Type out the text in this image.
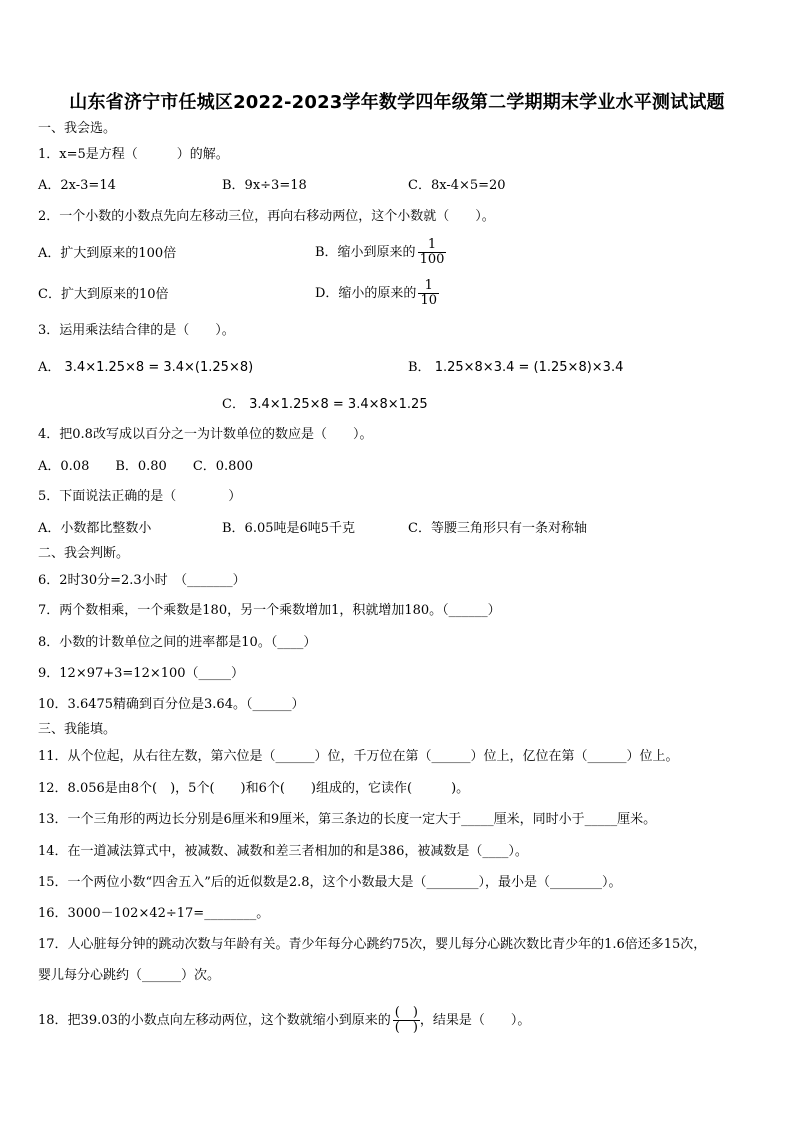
山东省济宁市任城区2022-2023学年数学四年级第二学期期末学业水平测试试题
一、我会选。
1．x=5是方程（　　　）的解。
A．2x-3=14	B．9x÷3=18	C．8x-4×5=20
2．一个小数的小数点先向左移动三位，再向右移动两位，这个小数就（　　）。
A．扩大到原来的100倍	B．缩小到原来的 $\frac{1}{100}$
C．扩大到原来的10倍	D．缩小的原来的 $\frac{1}{10}$
3．运用乘法结合律的是（　　）。
A． 3.4×1.25×8 = 3.4×(1.25×8)	B． 1.25×8×3.4 = (1.25×8)×3.4
C． 3.4×1.25×8 = 3.4×8×1.25
4．把0.8改写成以百分之一为计数单位的数应是（　　）。
A．0.08　　B．0.80　　C．0.800
5．下面说法正确的是（　　　　）
A．小数都比整数小	B．6.05吨是6吨5千克	C．等腰三角形只有一条对称轴
二、我会判断。
6．2时30分=2.3小时　（_______）
7．两个数相乘，一个乘数是180，另一个乘数增加1，积就增加180。（______）
8．小数的计数单位之间的进率都是10。（____）
9．12×97+3=12×100（_____）
10．3.6475精确到百分位是3.64。（______）
三、我能填。
11．从个位起，从右往左数，第六位是（______）位，千万位在第（______）位上，亿位在第（______）位上。
12．8.056是由8个(　)，5个(　　)和6个(　　)组成的，它读作(　　　)。
13．一个三角形的两边长分别是6厘米和9厘米，第三条边的长度一定大于_____厘米，同时小于_____厘米。
14．在一道减法算式中，被减数、减数和差三者相加的和是386，被减数是（____）。
15．一个两位小数“四舍五入”后的近似数是2.8，这个小数最大是（________），最小是（________）。
16．3000－102×42÷17=________。
17．人心脏每分钟的跳动次数与年龄有关。青少年每分心跳约75次，婴儿每分心跳次数比青少年的1.6倍还多15次，
婴儿每分心跳约（______）次。
18．把39.03的小数点向左移动两位，这个数就缩小到原来的 $\frac{( )}{( )}$ ，结果是（　　）。
